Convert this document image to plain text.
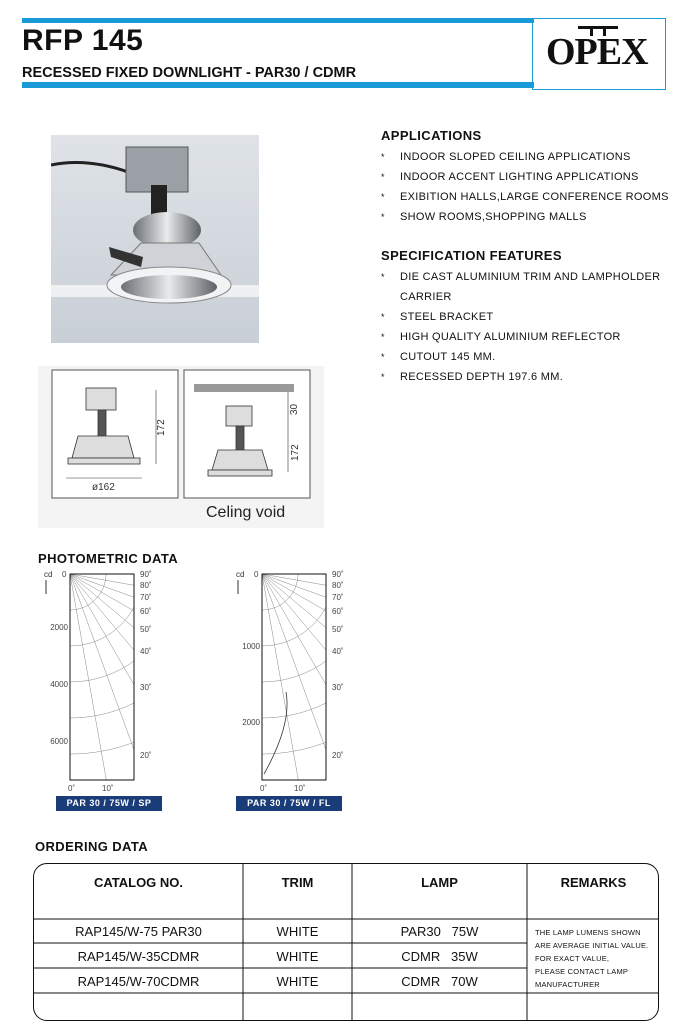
RFP 145
RECESSED FIXED DOWNLIGHT - PAR30 / CDMR	OPEX
172
ø162
30
172
Celing void
APPLICATIONS
* INDOOR SLOPED CEILING APPLICATIONS
* INDOOR ACCENT LIGHTING APPLICATIONS
* EXIBITION HALLS,LARGE CONFERENCE ROOMS
* SHOW ROOMS,SHOPPING MALLS
SPECIFICATION FEATURES
* DIE CAST ALUMINIUM TRIM AND LAMPHOLDER
CARRIER
* STEEL BRACKET
* HIGH QUALITY ALUMINIUM REFLECTOR
* CUTOUT 145 MM.
* RECESSED DEPTH 197.6 MM.
PHOTOMETRIC DATA
cd 0
2000
4000
6000
90˚
80˚
70˚
60˚
50˚
40˚
30˚
20˚
0˚	10˚
cd 0
1000
2000
90˚
80˚
70˚
60˚
50˚
40˚
30˚
20˚
0˚	10˚
PAR 30 / 75W / SP	PAR 30 / 75W / FL
ORDERING DATA
CATALOG NO.	TRIM	LAMP	REMARKS
RAP145/W-75 PAR30	WHITE	PAR30   75W
RAP145/W-35CDMR	WHITE	CDMR   35W
RAP145/W-70CDMR	WHITE	CDMR   70W
THE LAMP LUMENS SHOWN
ARE AVERAGE INITIAL VALUE.
FOR EXACT VALUE,
PLEASE CONTACT LAMP
MANUFACTURER
